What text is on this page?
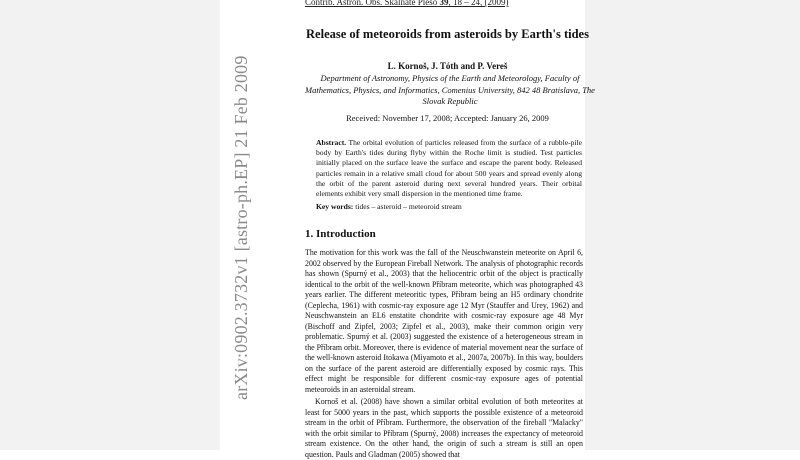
arXiv:0902.3732v1 [astro-ph.EP] 21 Feb 2009
Contrib. Astron. Obs. Skalnaté Pleso 39, 18 – 24, (2009)
Release of meteoroids from asteroids by Earth's tides
L. Kornoš, J. Tóth and P. Vereš
Department of Astronomy, Physics of the Earth and Meteorology, Faculty of Mathematics, Physics, and Informatics, Comenius University, 842 48 Bratislava, The Slovak Republic
Received: November 17, 2008; Accepted: January 26, 2009
Abstract. The orbital evolution of particles released from the surface of a rubble-pile body by Earth's tides during flyby within the Roche limit is studied. Test particles initially placed on the surface leave the surface and escape the parent body. Released particles remain in a relative small cloud for about 500 years and spread evenly along the orbit of the parent asteroid during next several hundred years. Their orbital elements exhibit very small dispersion in the mentioned time frame.
Key words: tides – asteroid – meteoroid stream
1. Introduction

The motivation for this work was the fall of the Neuschwanstein meteorite on April 6, 2002 observed by the European Fireball Network. The analysis of photographic records has shown (Spurný et al., 2003) that the heliocentric orbit of the object is practically identical to the orbit of the well-known Příbram meteorite, which was photographed 43 years earlier. The different meteoritic types, Příbram being an H5 ordinary chondrite (Ceplecha, 1961) with cosmic-ray exposure age 12 Myr (Stauffer and Urey, 1962) and Neuschwanstein an EL6 enstatite chondrite with cosmic-ray exposure age 48 Myr (Bischoff and Zipfel, 2003; Zipfel et al., 2003), make their common origin very problematic. Spurný et al. (2003) suggested the existence of a heterogeneous stream in the Příbram orbit. Moreover, there is evidence of material movement near the surface of the well-known asteroid Itokawa (Miyamoto et al., 2007a, 2007b). In this way, boulders on the surface of the parent asteroid are differentially exposed by cosmic rays. This effect might be responsible for different cosmic-ray exposure ages of potential meteoroids in an asteroidal stream.

Kornoš et al. (2008) have shown a similar orbital evolution of both meteorites at least for 5000 years in the past, which supports the possible existence of a meteoroid stream in the orbit of Příbram. Furthermore, the observation of the fireball "Malacky" with the orbit similar to Příbram (Spurný, 2008) increases the expectancy of meteoroid stream existence. On the other hand, the origin of such a stream is still an open question. Pauls and Gladman (2005) showed that
